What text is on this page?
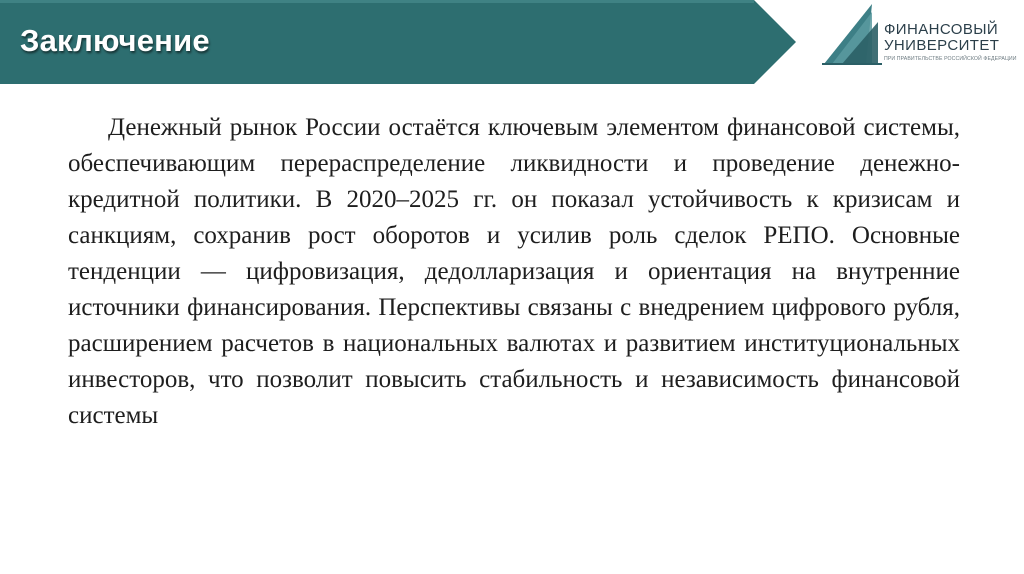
Заключение	ФИНАНСОВЫЙ
УНИВЕРСИТЕТ
ПРИ ПРАВИТЕЛЬСТВЕ РОССИЙСКОЙ ФЕДЕРАЦИИ

Денежный рынок России остаётся ключевым элементом финансовой системы, обеспечивающим перераспределение ликвидности и проведение денежно-кредитной политики. В 2020–2025 гг. он показал устойчивость к кризисам и санкциям, сохранив рост оборотов и усилив роль сделок РЕПО. Основные тенденции — цифровизация, дедолларизация и ориентация на внутренние источники финансирования. Перспективы связаны с внедрением цифрового рубля, расширением расчетов в национальных валютах и развитием институциональных инвесторов, что позволит повысить стабильность и независимость финансовой системы
